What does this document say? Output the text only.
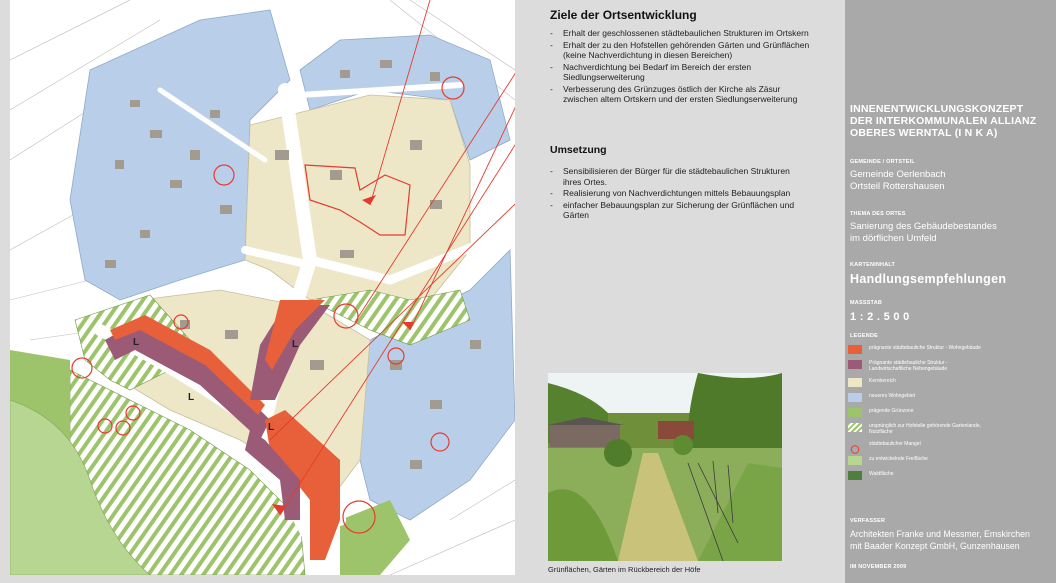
L
L
L
L
Ziele der Ortsentwicklung
- Erhalt der geschlossenen städtebaulichen Strukturen im Ortskern
- Erhalt der zu den Hofstellen gehörenden Gärten und Grünflächen (keine Nachverdichtung in diesen Bereichen)
- Nachverdichtung bei Bedarf im Bereich der ersten Siedlungserweiterung
- Verbesserung des Grünzuges östlich der Kirche als Zäsur zwischen altem Ortskern und der ersten Siedlungserweiterung
Umsetzung
- Sensibilisieren der Bürger für die städtebaulichen Strukturen ihres Ortes.
- Realisierung von Nachverdichtungen mittels Bebauungsplan
- einfacher Bebauungsplan zur Sicherung der Grünflächen und Gärten
Grünflächen, Gärten im Rückbereich der Höfe
INNENENTWICKLUNGSKONZEPT
DER INTERKOMMUNALEN ALLIANZ
OBERES WERNTAL (I N K A)
GEMEINDE / ORTSTEIL
Gemeinde Oerlenbach
Ortsteil Rottershausen
THEMA DES ORTES
Sanierung des Gebäudebestandes
im dörflichen Umfeld
KARTENINHALT
Handlungsempfehlungen
MASSSTAB
1 : 2 . 5 0 0
LEGENDE
prägnante städtebauliche Struktur - Wohngebäude
Prägnante städtebauliche Struktur -
Landwirtschaftliche Nebengebäude
Kernbereich
neueres Wohngebiet
prägende Grünzone
ursprünglich zur Hofstelle gehörende Gartenlande,
Nutzfläche
städtebaulicher Mangel
zu entwickelnde Freifläche
Waldfläche
VERFASSER
Architekten Franke und Messmer, Emskirchen
mit Baader Konzept GmbH, Gunzenhausen
IM NOVEMBER 2009
